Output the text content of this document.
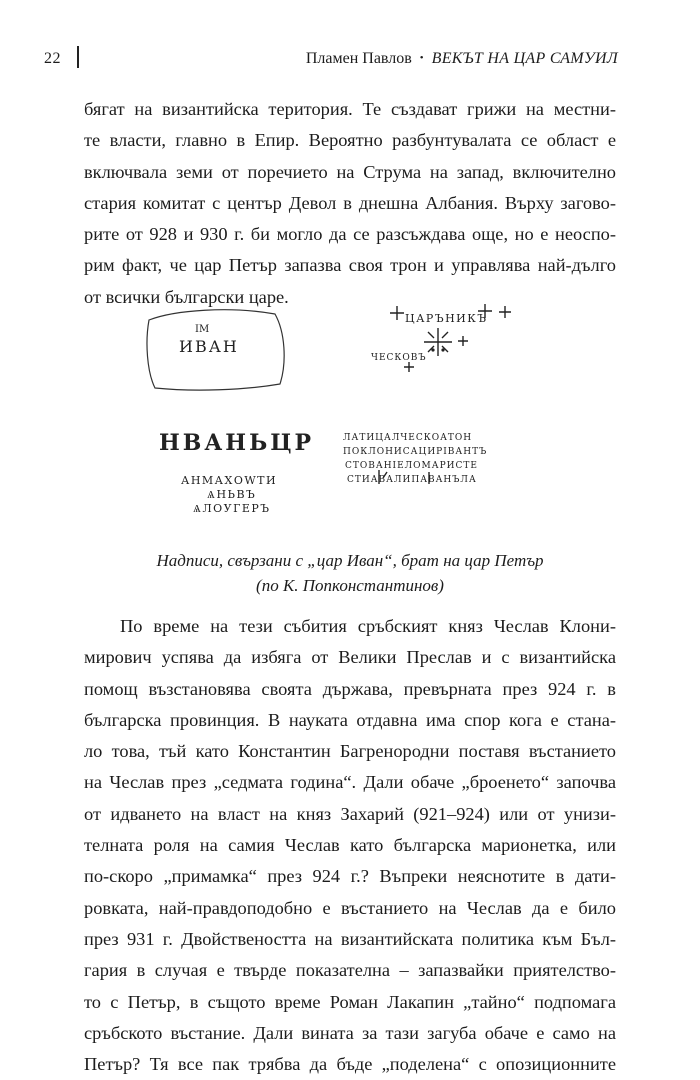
22	Пламен Павлов • ВЕКЪТ НА ЦАР САМУИЛ
бягат на византийска територия. Те създават грижи на местни-
те власти, главно в Епир. Вероятно разбунтувалата се област е
включвала земи от поречието на Струма на запад, включително
стария комитат с център Девол в днешна Албания. Върху загово-
рите от 928 и 930 г. би могло да се разсъждава още, но е неоспо-
рим факт, че цар Петър запазва своя трон и управлява най-дълго
от всички български царе.
ІΜ
ИВАН
НВАНЬЦР
АНМАХОWТИ
ѦНЬВЪ
ѦЛОУГЕРЪ
ЦАРЪНИКЪ
ЧЕСКОВЪ
ЛАТИЦАЛЧЕСКОАТОН
ПОКЛОНИСАЦИРІВАНТЪ
СТОВАНІЕЛОМАРИСТЕ
СТИАВАЛИПАВАНЪЛА
Надписи, свързани с „цар Иван“, брат на цар Петър
(по К. Попконстантинов)
По време на тези събития сръбският княз Чеслав Клони-
мирович успява да избяга от Велики Преслав и с византийска
помощ възстановява своята държава, превърната през 924 г. в
българска провинция. В науката отдавна има спор кога е стана-
ло това, тъй като Константин Багренородни поставя въстанието
на Чеслав през „седмата година“. Дали обаче „броенето“ започва
от идването на власт на княз Захарий (921–924) или от унизи-
телната роля на самия Чеслав като българска марионетка, или
по-скоро „примамка“ през 924 г.? Въпреки неяснотите в дати-
ровката, най-правдоподобно е въстанието на Чеслав да е било
през 931 г. Двойствеността на византийската политика към Бъл-
гария в случая е твърде показателна – запазвайки приятелство-
то с Петър, в същото време Роман Лакапин „тайно“ подпомага
сръбското въстание. Дали вината за тази загуба обаче е само на
Петър? Тя все пак трябва да бъде „поделена“ с опозиционните
